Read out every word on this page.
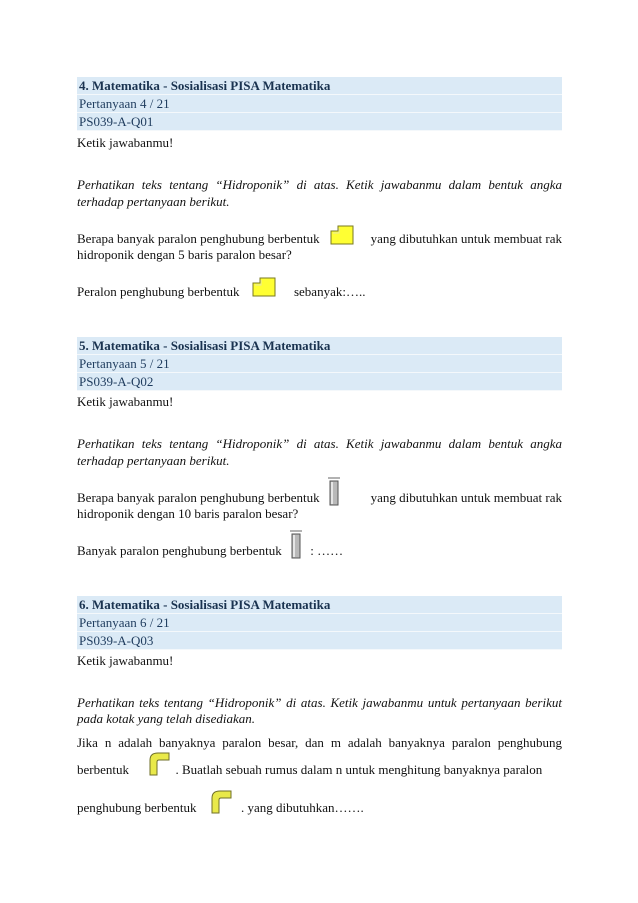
4. Matematika - Sosialisasi PISA Matematika
Pertanyaan 4 / 21
PS039-A-Q01
Ketik jawabanmu!
Perhatikan teks tentang “Hidroponik” di atas. Ketik jawabanmu dalam bentuk angka
terhadap pertanyaan berikut.
Berapa banyak paralon penghubung berbentuk	yang dibutuhkan untuk membuat rak
hidroponik dengan 5 baris paralon besar?
Peralon penghubung berbentuk	sebanyak:…..
5. Matematika - Sosialisasi PISA Matematika
Pertanyaan 5 / 21
PS039-A-Q02
Ketik jawabanmu!
Perhatikan teks tentang “Hidroponik” di atas. Ketik jawabanmu dalam bentuk angka
terhadap pertanyaan berikut.
Berapa banyak paralon penghubung berbentuk	yang dibutuhkan untuk membuat rak
hidroponik dengan 10 baris paralon besar?
Banyak paralon penghubung berbentuk : ……
6. Matematika - Sosialisasi PISA Matematika
Pertanyaan 6 / 21
PS039-A-Q03
Ketik jawabanmu!
Perhatikan teks tentang “Hidroponik” di atas. Ketik jawabanmu untuk pertanyaan berikut
pada kotak yang telah disediakan.
Jika n adalah banyaknya paralon besar, dan m adalah banyaknya paralon penghubung
berbentuk	. Buatlah sebuah rumus dalam n untuk menghitung banyaknya paralon
penghubung berbentuk	. yang dibutuhkan…….
